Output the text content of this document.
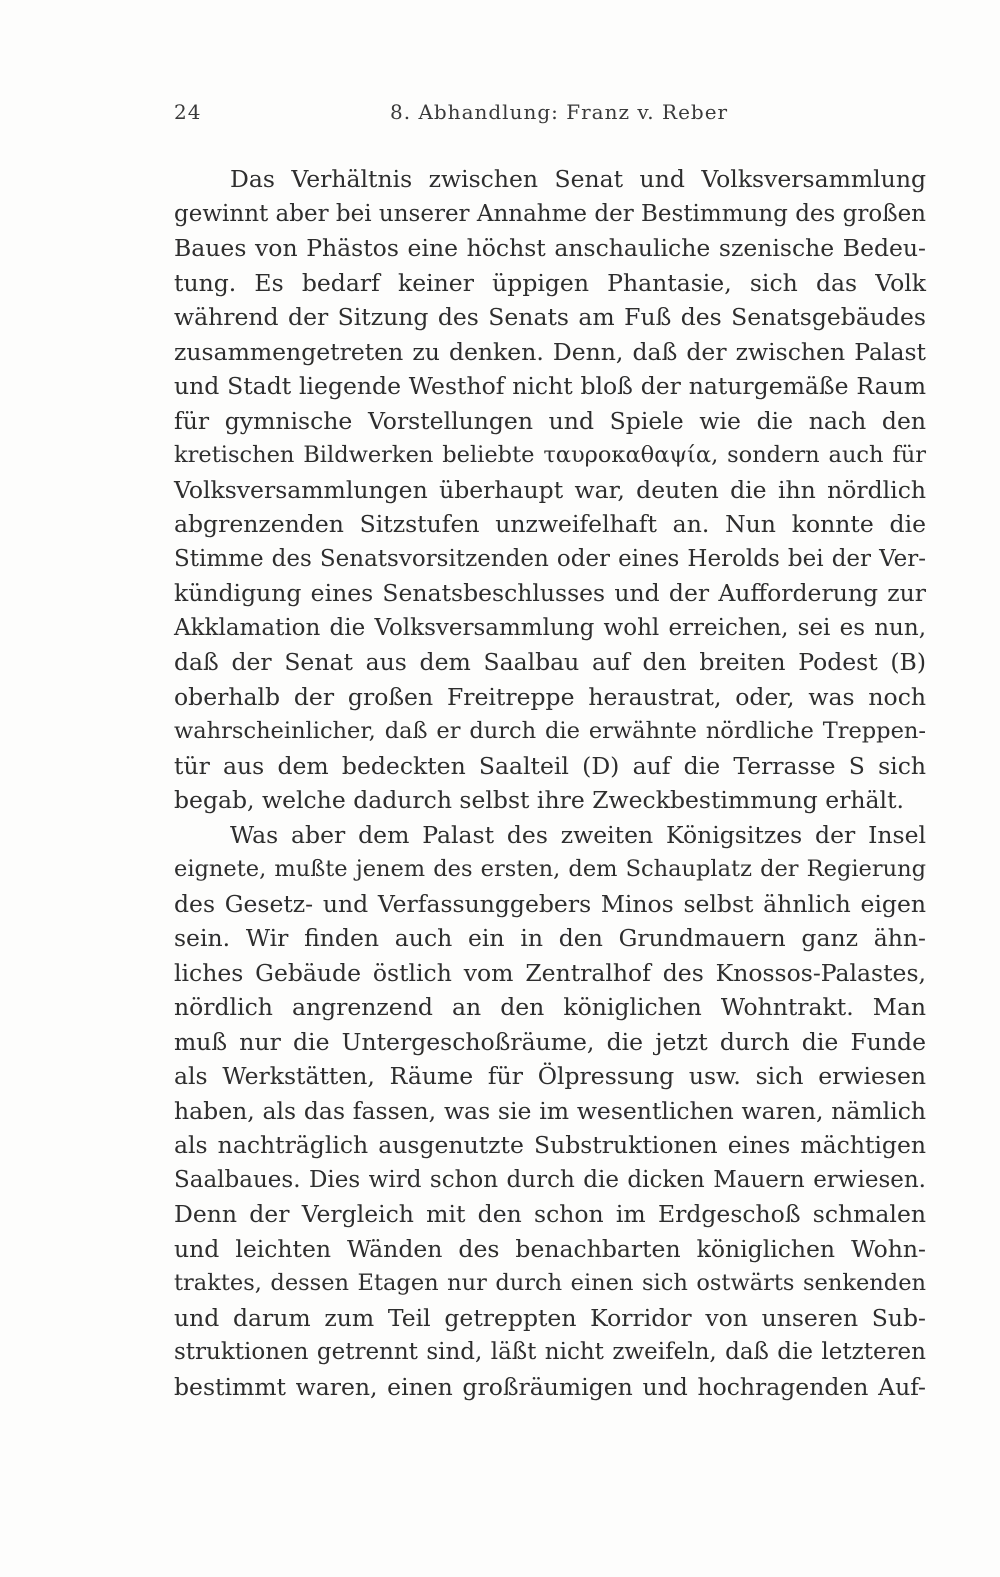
24	8. Abhandlung: Franz v. Reber
Das Verhältnis zwischen Senat und Volksversammlung
gewinnt aber bei unserer Annahme der Bestimmung des großen
Baues von Phästos eine höchst anschauliche szenische Bedeu-
tung. Es bedarf keiner üppigen Phantasie, sich das Volk
während der Sitzung des Senats am Fuß des Senatsgebäudes
zusammengetreten zu denken. Denn, daß der zwischen Palast
und Stadt liegende Westhof nicht bloß der naturgemäße Raum
für gymnische Vorstellungen und Spiele wie die nach den
kretischen Bildwerken beliebte ταυροκαθαψία, sondern auch für
Volksversammlungen überhaupt war, deuten die ihn nördlich
abgrenzenden Sitzstufen unzweifelhaft an. Nun konnte die
Stimme des Senatsvorsitzenden oder eines Herolds bei der Ver-
kündigung eines Senatsbeschlusses und der Aufforderung zur
Akklamation die Volksversammlung wohl erreichen, sei es nun,
daß der Senat aus dem Saalbau auf den breiten Podest (B)
oberhalb der großen Freitreppe heraustrat, oder, was noch
wahrscheinlicher, daß er durch die erwähnte nördliche Treppen-
tür aus dem bedeckten Saalteil (D) auf die Terrasse S sich
begab, welche dadurch selbst ihre Zweckbestimmung erhält.
Was aber dem Palast des zweiten Königsitzes der Insel
eignete, mußte jenem des ersten, dem Schauplatz der Regierung
des Gesetz- und Verfassunggebers Minos selbst ähnlich eigen
sein. Wir finden auch ein in den Grundmauern ganz ähn-
liches Gebäude östlich vom Zentralhof des Knossos-Palastes,
nördlich angrenzend an den königlichen Wohntrakt. Man
muß nur die Untergeschoßräume, die jetzt durch die Funde
als Werkstätten, Räume für Ölpressung usw. sich erwiesen
haben, als das fassen, was sie im wesentlichen waren, nämlich
als nachträglich ausgenutzte Substruktionen eines mächtigen
Saalbaues. Dies wird schon durch die dicken Mauern erwiesen.
Denn der Vergleich mit den schon im Erdgeschoß schmalen
und leichten Wänden des benachbarten königlichen Wohn-
traktes, dessen Etagen nur durch einen sich ostwärts senkenden
und darum zum Teil getreppten Korridor von unseren Sub-
struktionen getrennt sind, läßt nicht zweifeln, daß die letzteren
bestimmt waren, einen großräumigen und hochragenden Auf-
